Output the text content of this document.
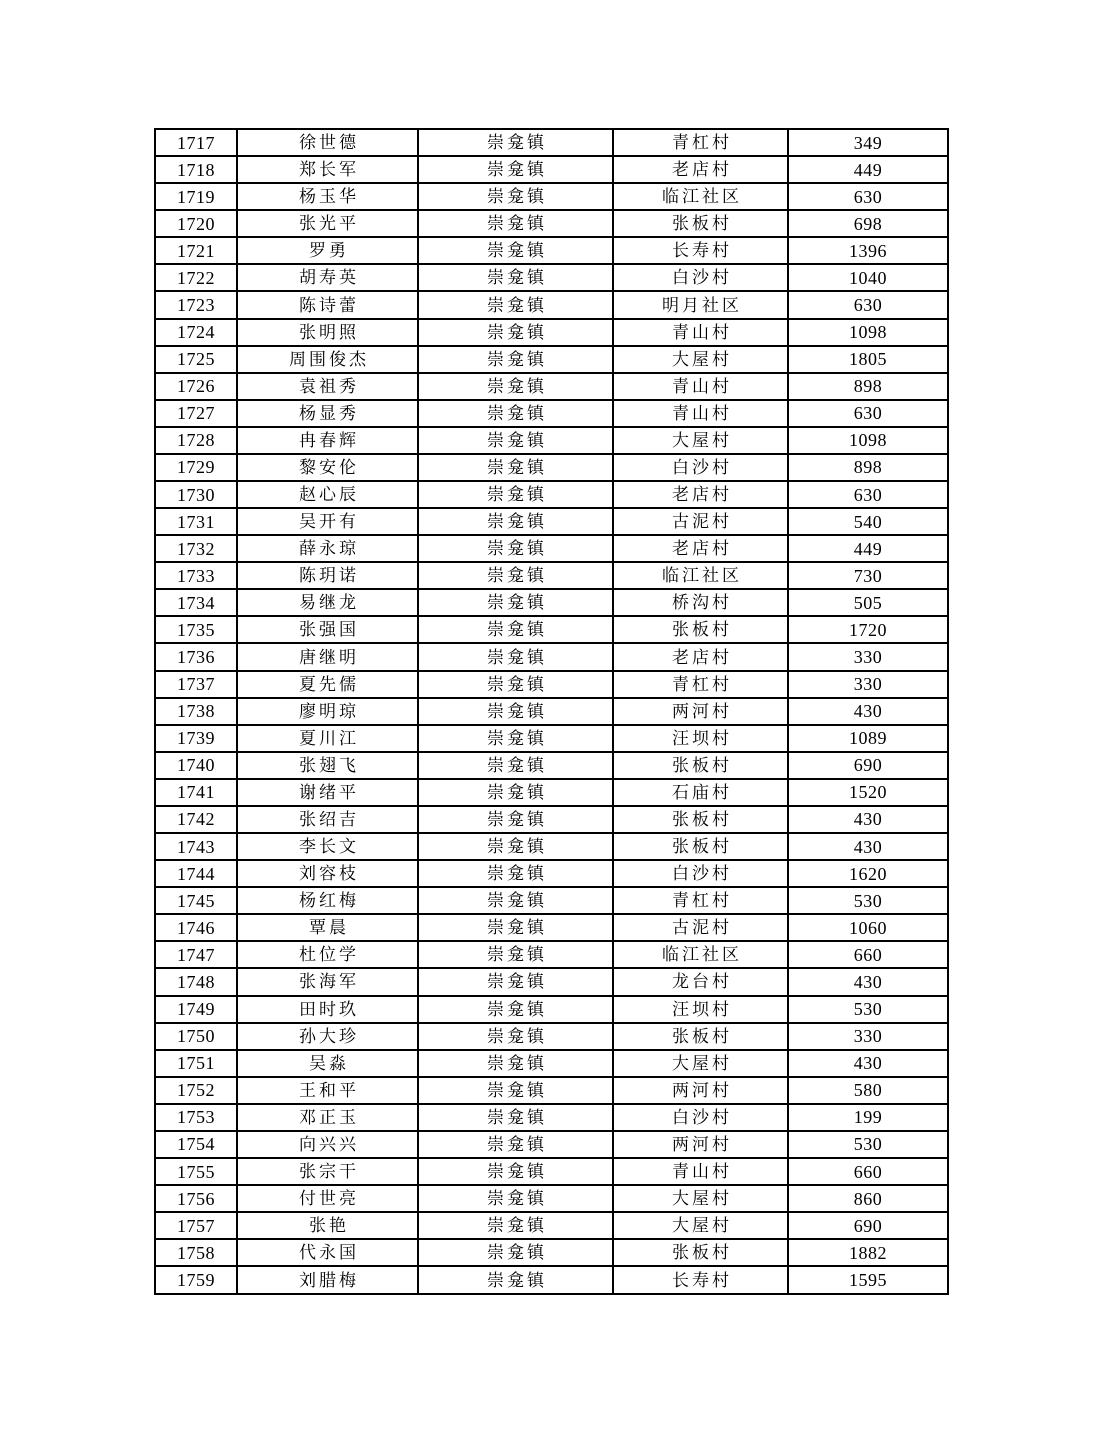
1717	徐世德	崇龛镇	青杠村	349
1718	郑长军	崇龛镇	老店村	449
1719	杨玉华	崇龛镇	临江社区	630
1720	张光平	崇龛镇	张板村	698
1721	罗勇	崇龛镇	长寿村	1396
1722	胡寿英	崇龛镇	白沙村	1040
1723	陈诗蕾	崇龛镇	明月社区	630
1724	张明照	崇龛镇	青山村	1098
1725	周围俊杰	崇龛镇	大屋村	1805
1726	袁祖秀	崇龛镇	青山村	898
1727	杨显秀	崇龛镇	青山村	630
1728	冉春辉	崇龛镇	大屋村	1098
1729	黎安伦	崇龛镇	白沙村	898
1730	赵心辰	崇龛镇	老店村	630
1731	吴开有	崇龛镇	古泥村	540
1732	薛永琼	崇龛镇	老店村	449
1733	陈玥诺	崇龛镇	临江社区	730
1734	易继龙	崇龛镇	桥沟村	505
1735	张强国	崇龛镇	张板村	1720
1736	唐继明	崇龛镇	老店村	330
1737	夏先儒	崇龛镇	青杠村	330
1738	廖明琼	崇龛镇	两河村	430
1739	夏川江	崇龛镇	汪坝村	1089
1740	张翅飞	崇龛镇	张板村	690
1741	谢绪平	崇龛镇	石庙村	1520
1742	张绍吉	崇龛镇	张板村	430
1743	李长文	崇龛镇	张板村	430
1744	刘容枝	崇龛镇	白沙村	1620
1745	杨红梅	崇龛镇	青杠村	530
1746	覃晨	崇龛镇	古泥村	1060
1747	杜位学	崇龛镇	临江社区	660
1748	张海军	崇龛镇	龙台村	430
1749	田时玖	崇龛镇	汪坝村	530
1750	孙大珍	崇龛镇	张板村	330
1751	吴淼	崇龛镇	大屋村	430
1752	王和平	崇龛镇	两河村	580
1753	邓正玉	崇龛镇	白沙村	199
1754	向兴兴	崇龛镇	两河村	530
1755	张宗干	崇龛镇	青山村	660
1756	付世亮	崇龛镇	大屋村	860
1757	张艳	崇龛镇	大屋村	690
1758	代永国	崇龛镇	张板村	1882
1759	刘腊梅	崇龛镇	长寿村	1595
